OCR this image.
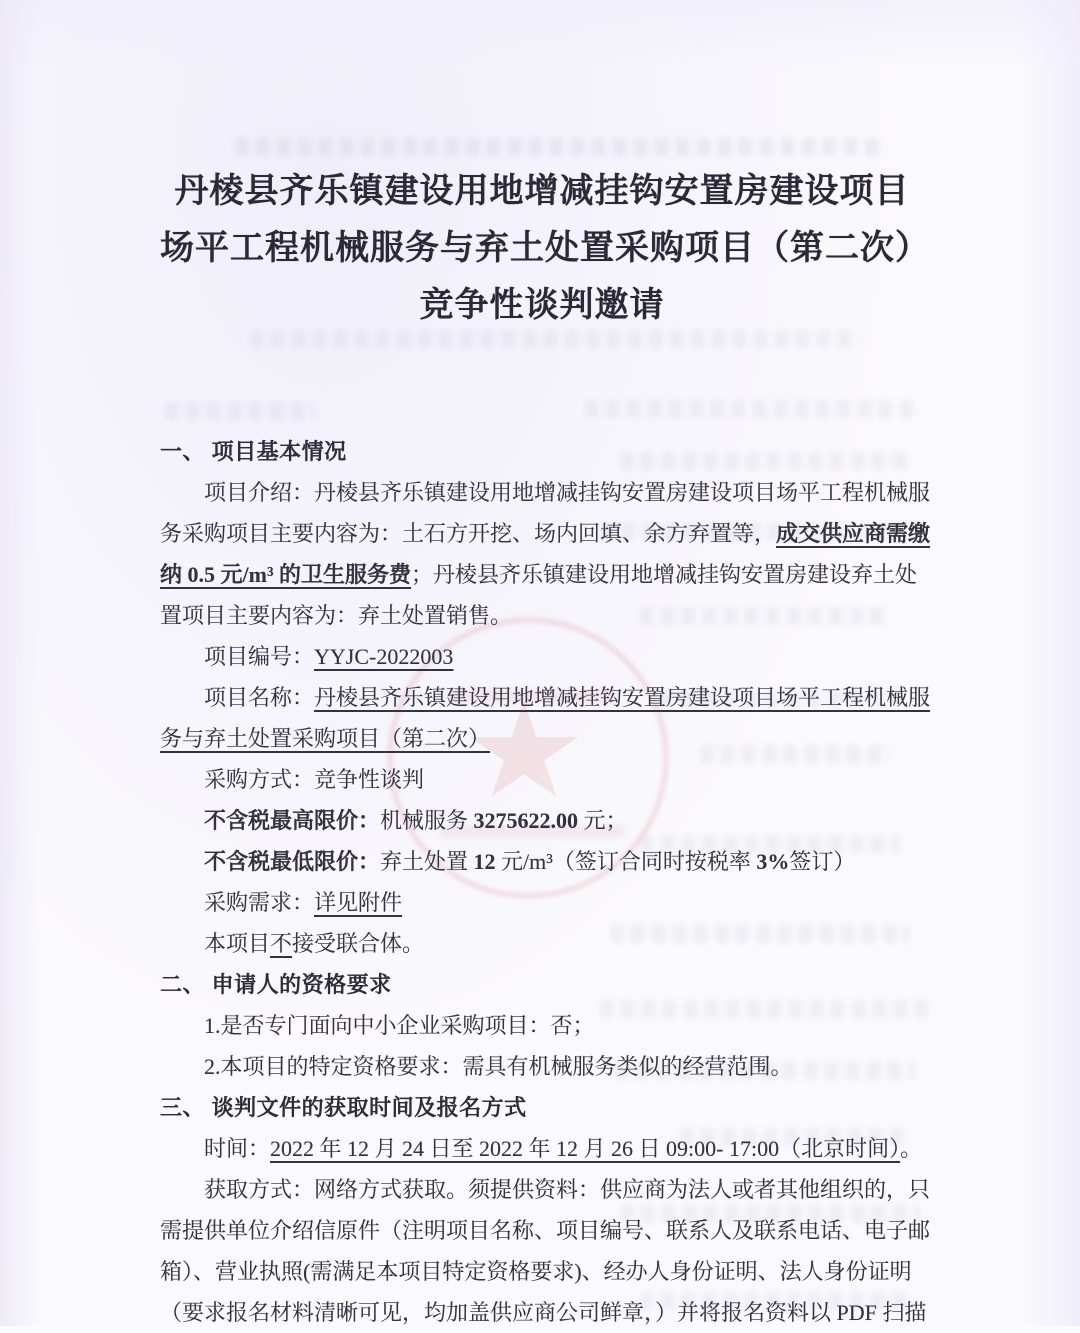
丹棱县齐乐镇建设用地增减挂钩安置房建设项目
场平工程机械服务与弃土处置采购项目（第二次）
竞争性谈判邀请
一、 项目基本情况
项目介绍：丹棱县齐乐镇建设用地增减挂钩安置房建设项目场平工程机械服
务采购项目主要内容为：土石方开挖、场内回填、余方弃置等，成交供应商需缴
纳 0.5 元/m³ 的卫生服务费；丹棱县齐乐镇建设用地增减挂钩安置房建设弃土处
置项目主要内容为：弃土处置销售。
项目编号：YYJC-2022003
项目名称：丹棱县齐乐镇建设用地增减挂钩安置房建设项目场平工程机械服
务与弃土处置采购项目（第二次）
采购方式：竞争性谈判
不含税最高限价：机械服务 3275622.00 元；
不含税最低限价：弃土处置 12 元/m³（签订合同时按税率 3%签订）
采购需求：详见附件
本项目不接受联合体。
二、 申请人的资格要求
1.是否专门面向中小企业采购项目：否；
2.本项目的特定资格要求：需具有机械服务类似的经营范围。
三、 谈判文件的获取时间及报名方式
时间：2022 年 12 月 24 日至 2022 年 12 月 26 日 09:00- 17:00（北京时间）。
获取方式：网络方式获取。须提供资料：供应商为法人或者其他组织的，只
需提供单位介绍信原件（注明项目名称、项目编号、联系人及联系电话、电子邮
箱）、营业执照(需满足本项目特定资格要求)、经办人身份证明、法人身份证明
（要求报名材料清晰可见，均加盖供应商公司鲜章，）并将报名资料以 PDF 扫描
